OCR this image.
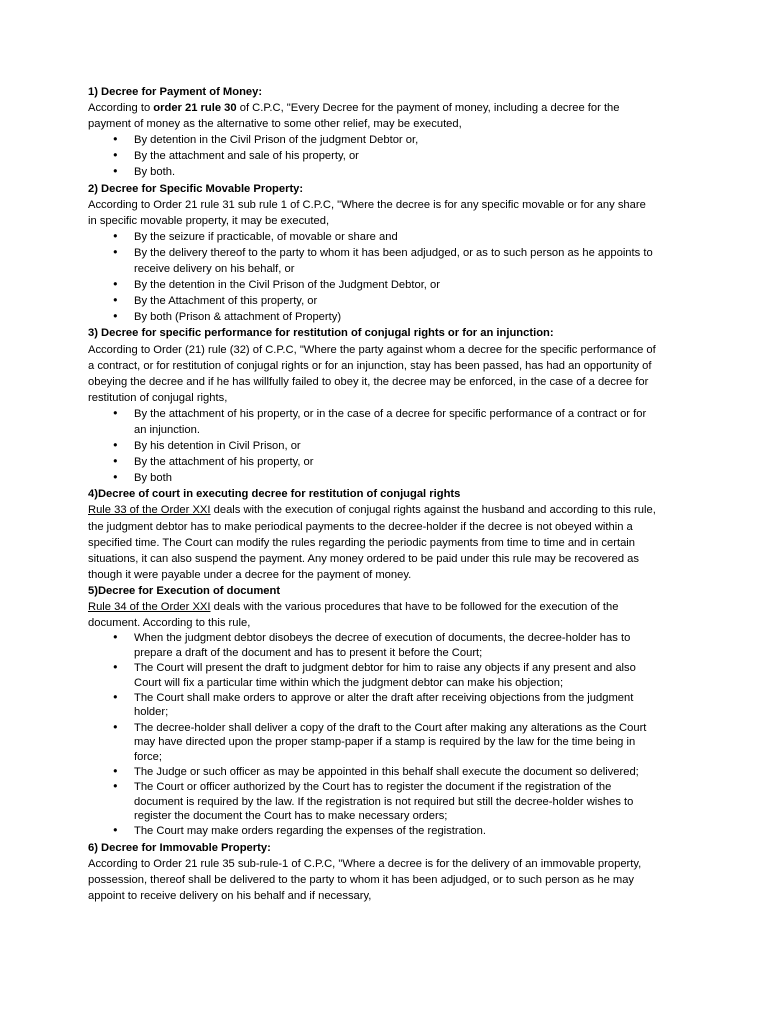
1) Decree for Payment of Money:

According to order 21 rule 30 of C.P.C, "Every Decree for the payment of money, including a decree for the payment of money as the alternative to some other relief, may be executed,

• By detention in the Civil Prison of the judgment Debtor or,
• By the attachment and sale of his property, or
• By both.

2) Decree for Specific Movable Property:

According to Order 21 rule 31 sub rule 1 of C.P.C, "Where the decree is for any specific movable or for any share in specific movable property, it may be executed,

• By the seizure if practicable, of movable or share and
• By the delivery thereof to the party to whom it has been adjudged, or as to such person as he appoints to receive delivery on his behalf, or
• By the detention in the Civil Prison of the Judgment Debtor, or
• By the Attachment of this property, or
• By both (Prison & attachment of Property)

3) Decree for specific performance for restitution of conjugal rights or for an injunction:

According to Order (21) rule (32) of C.P.C, "Where the party against whom a decree for the specific performance of a contract, or for restitution of conjugal rights or for an injunction, stay has been passed, has had an opportunity of obeying the decree and if he has willfully failed to obey it, the decree may be enforced, in the case of a decree for restitution of conjugal rights,

• By the attachment of his property, or in the case of a decree for specific performance of a contract or for an injunction.
• By his detention in Civil Prison, or
• By the attachment of his property, or
• By both

4)Decree of court in executing decree for restitution of conjugal rights

Rule 33 of the Order XXI deals with the execution of conjugal rights against the husband and according to this rule, the judgment debtor has to make periodical payments to the decree-holder if the decree is not obeyed within a specified time. The Court can modify the rules regarding the periodic payments from time to time and in certain situations, it can also suspend the payment. Any money ordered to be paid under this rule may be recovered as though it were payable under a decree for the payment of money.

5)Decree for Execution of document

Rule 34 of the Order XXI deals with the various procedures that have to be followed for the execution of the document. According to this rule,

• When the judgment debtor disobeys the decree of execution of documents, the decree-holder has to prepare a draft of the document and has to present it before the Court;
• The Court will present the draft to judgment debtor for him to raise any objects if any present and also Court will fix a particular time within which the judgment debtor can make his objection;
• The Court shall make orders to approve or alter the draft after receiving objections from the judgment holder;
• The decree-holder shall deliver a copy of the draft to the Court after making any alterations as the Court may have directed upon the proper stamp-paper if a stamp is required by the law for the time being in force;
• The Judge or such officer as may be appointed in this behalf shall execute the document so delivered;
• The Court or officer authorized by the Court has to register the document if the registration of the document is required by the law. If the registration is not required but still the decree-holder wishes to register the document the Court has to make necessary orders;
• The Court may make orders regarding the expenses of the registration.

6) Decree for Immovable Property:

According to Order 21 rule 35 sub-rule-1 of C.P.C, "Where a decree is for the delivery of an immovable property, possession, thereof shall be delivered to the party to whom it has been adjudged, or to such person as he may appoint to receive delivery on his behalf and if necessary,
